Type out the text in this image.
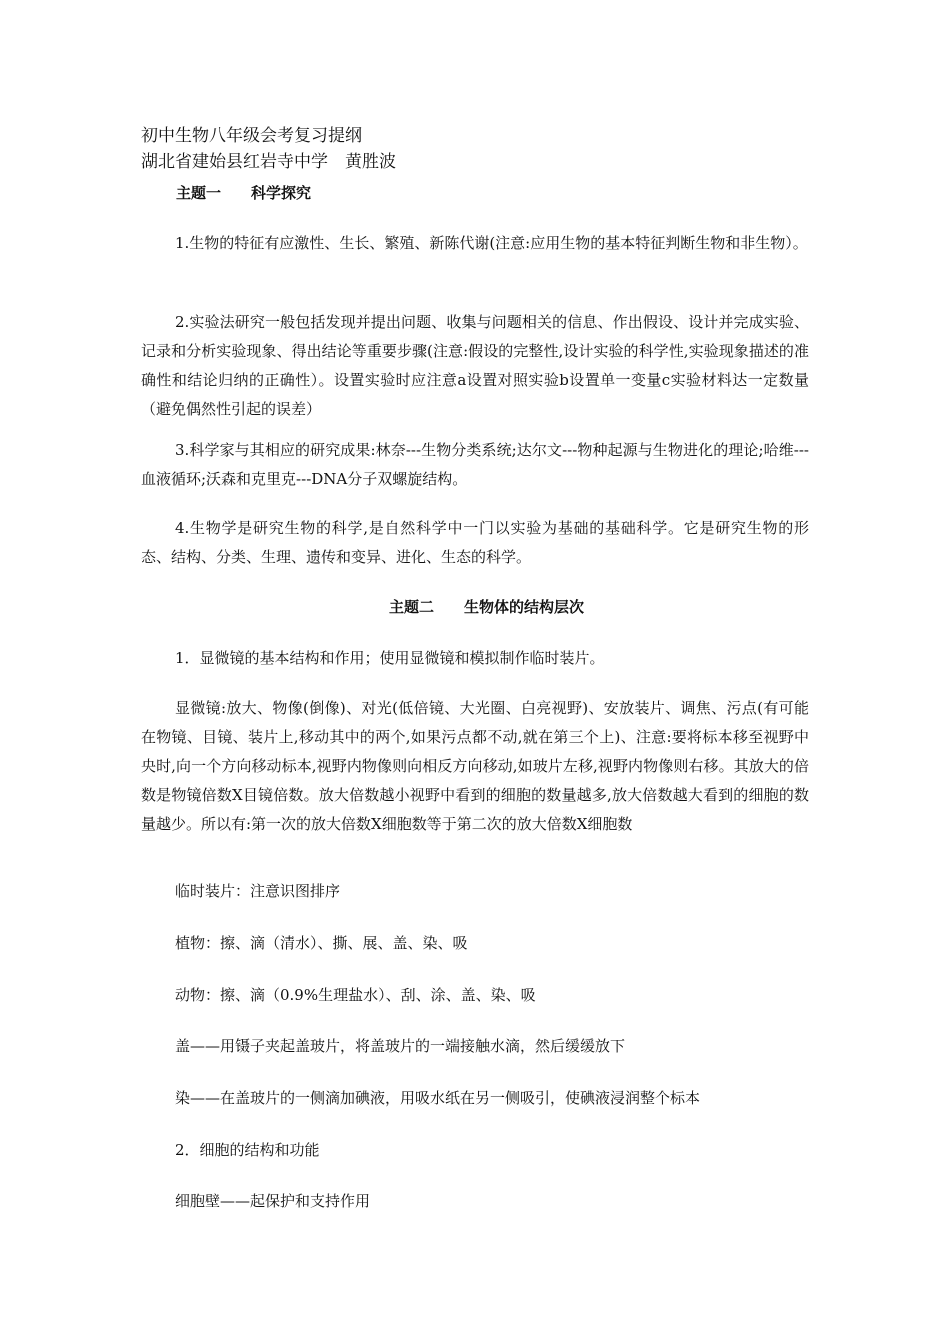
初中生物八年级会考复习提纲
湖北省建始县红岩寺中学　黄胜波
主题一　　科学探究
1.生物的特征有应激性、生长、繁殖、新陈代谢(注意:应用生物的基本特征判断生物和非生物）。
2.实验法研究一般包括发现并提出问题、收集与问题相关的信息、作出假设、设计并完成实验、记录和分析实验现象、得出结论等重要步骤(注意:假设的完整性,设计实验的科学性,实验现象描述的准确性和结论归纳的正确性）。设置实验时应注意a设置对照实验b设置单一变量c实验材料达一定数量（避免偶然性引起的误差）
3.科学家与其相应的研究成果:林奈---生物分类系统;达尔文---物种起源与生物进化的理论;哈维---血液循环;沃森和克里克---DNA分子双螺旋结构。
4.生物学是研究生物的科学,是自然科学中一门以实验为基础的基础科学。它是研究生物的形态、结构、分类、生理、遗传和变异、进化、生态的科学。
主题二　　生物体的结构层次
1．显微镜的基本结构和作用；使用显微镜和模拟制作临时装片。
显微镜:放大、物像(倒像)、对光(低倍镜、大光圈、白亮视野)、安放装片、调焦、污点(有可能在物镜、目镜、装片上,移动其中的两个,如果污点都不动,就在第三个上)、注意:要将标本移至视野中央时,向一个方向移动标本,视野内物像则向相反方向移动,如玻片左移,视野内物像则右移。其放大的倍数是物镜倍数X目镜倍数。放大倍数越小视野中看到的细胞的数量越多,放大倍数越大看到的细胞的数量越少。所以有:第一次的放大倍数X细胞数等于第二次的放大倍数X细胞数
临时装片：注意识图排序
植物：擦、滴（清水）、撕、展、盖、染、吸
动物：擦、滴（0.9%生理盐水）、刮、涂、盖、染、吸
盖——用镊子夹起盖玻片，将盖玻片的一端接触水滴，然后缓缓放下
染——在盖玻片的一侧滴加碘液，用吸水纸在另一侧吸引，使碘液浸润整个标本
2．细胞的结构和功能
细胞壁——起保护和支持作用
